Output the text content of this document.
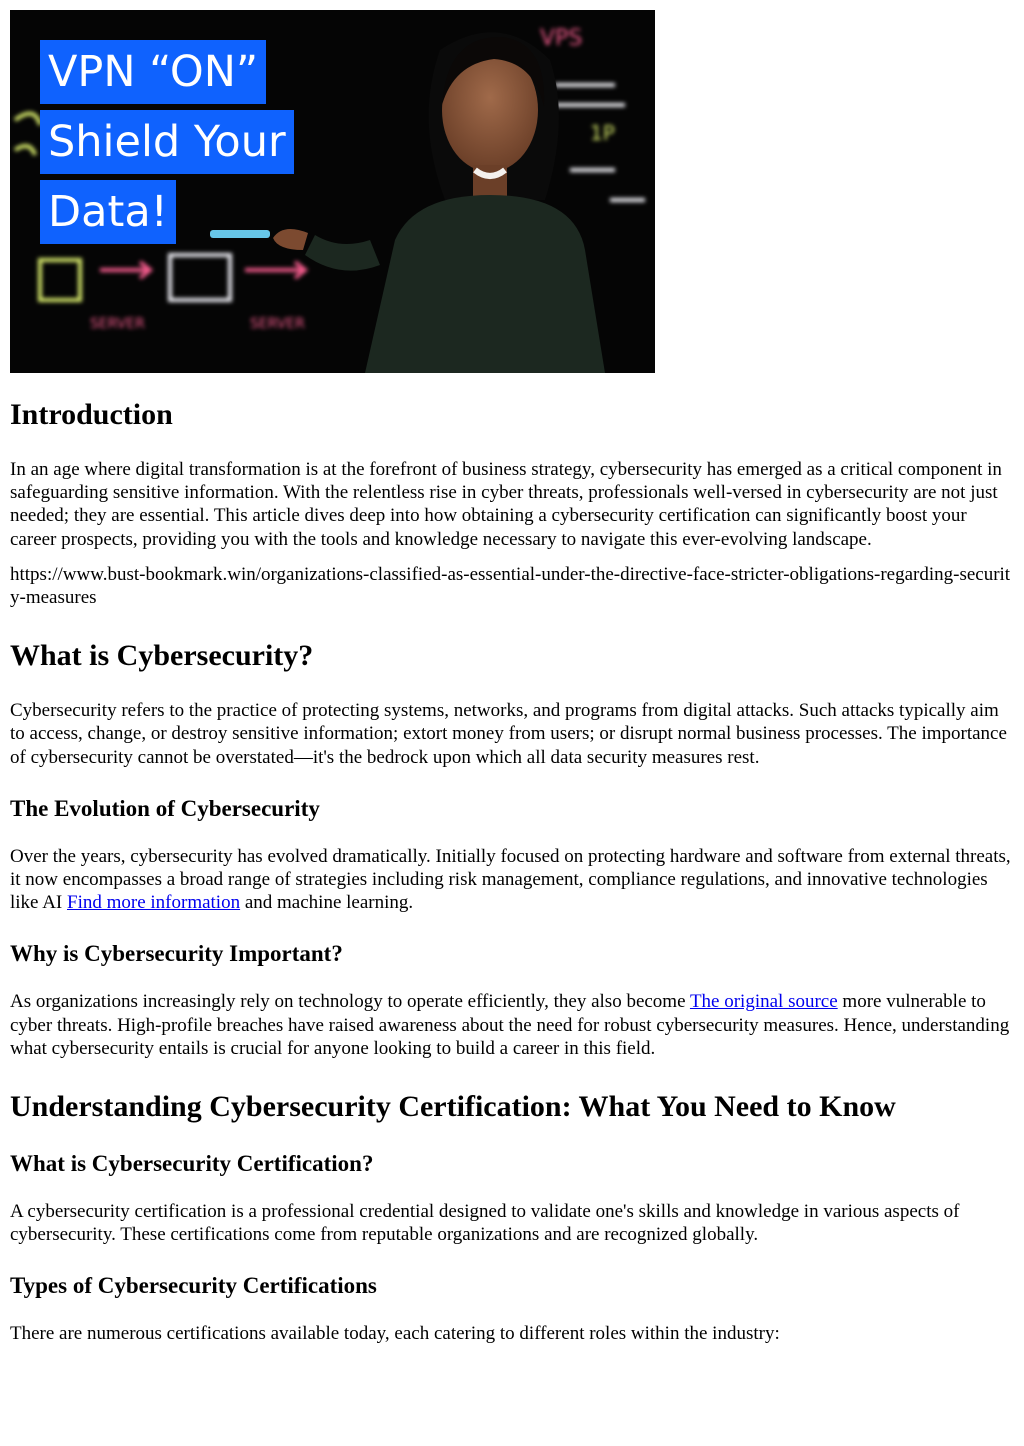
SERVER	SERVER
VPS
1P
VPN “ON”
Shield Your
Data!
Introduction

In an age where digital transformation is at the forefront of business strategy, cybersecurity has emerged as a critical component in safeguarding sensitive information. With the relentless rise in cyber threats, professionals well-versed in cybersecurity are not just needed; they are essential. This article dives deep into how obtaining a cybersecurity certification can significantly boost your career prospects, providing you with the tools and knowledge necessary to navigate this ever-evolving landscape.

https://www.bust-bookmark.win/organizations-classified-as-essential-under-the-directive-face-stricter-obligations-regarding-security-measures

What is Cybersecurity?

Cybersecurity refers to the practice of protecting systems, networks, and programs from digital attacks. Such attacks typically aim to access, change, or destroy sensitive information; extort money from users; or disrupt normal business processes. The importance of cybersecurity cannot be overstated—it's the bedrock upon which all data security measures rest.

The Evolution of Cybersecurity

Over the years, cybersecurity has evolved dramatically. Initially focused on protecting hardware and software from external threats, it now encompasses a broad range of strategies including risk management, compliance regulations, and innovative technologies like AI Find more information and machine learning.

Why is Cybersecurity Important?

As organizations increasingly rely on technology to operate efficiently, they also become The original source more vulnerable to cyber threats. High-profile breaches have raised awareness about the need for robust cybersecurity measures. Hence, understanding what cybersecurity entails is crucial for anyone looking to build a career in this field.

Understanding Cybersecurity Certification: What You Need to Know
What is Cybersecurity Certification?

A cybersecurity certification is a professional credential designed to validate one's skills and knowledge in various aspects of cybersecurity. These certifications come from reputable organizations and are recognized globally.

Types of Cybersecurity Certifications

There are numerous certifications available today, each catering to different roles within the industry:
